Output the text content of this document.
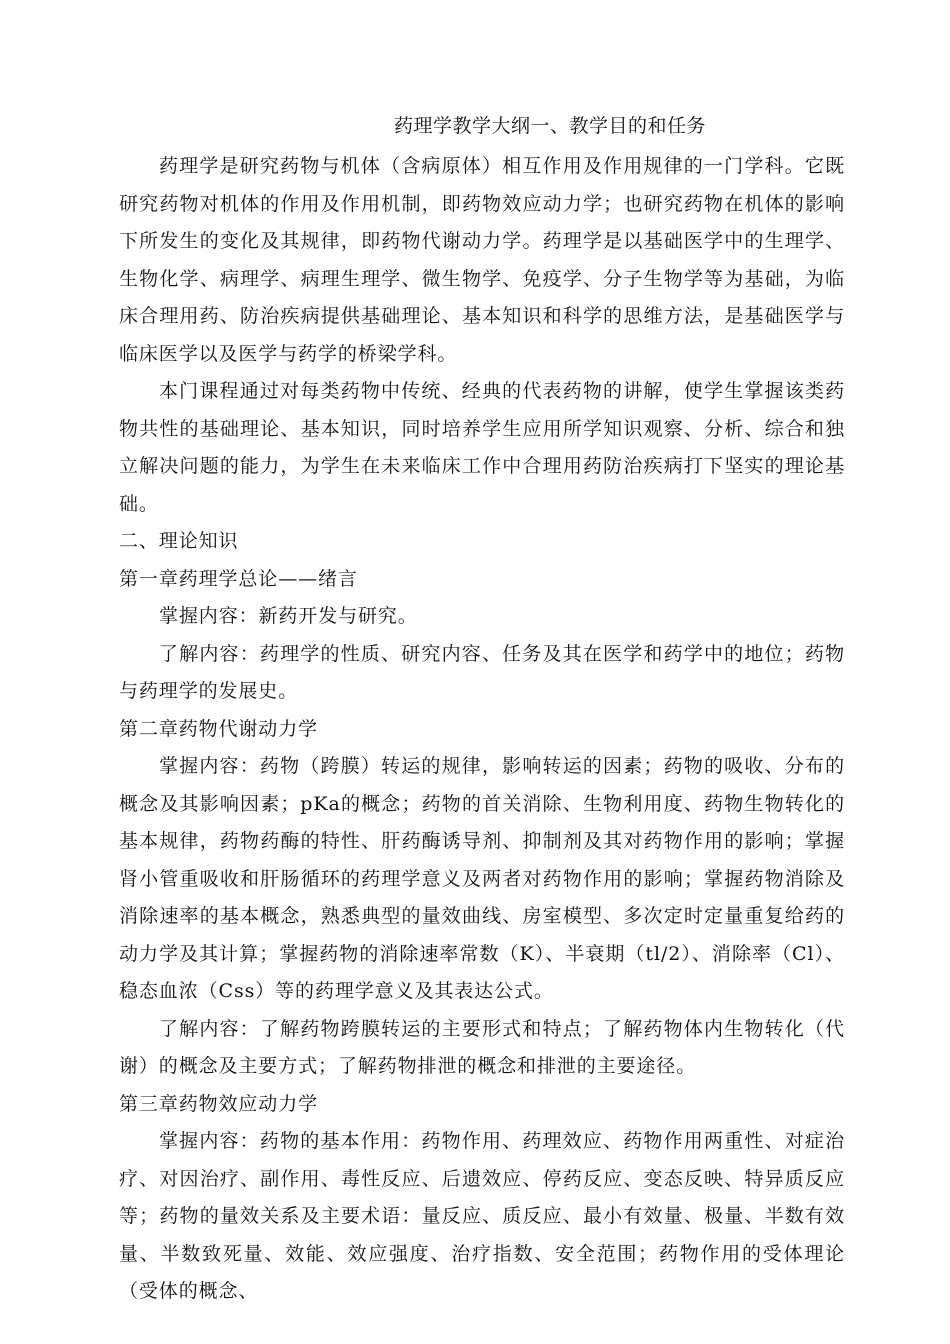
药理学教学大纲一、教学目的和任务

药理学是研究药物与机体（含病原体）相互作用及作用规律的一门学科。它既研究药物对机体的作用及作用机制，即药物效应动力学；也研究药物在机体的影响下所发生的变化及其规律，即药物代谢动力学。药理学是以基础医学中的生理学、生物化学、病理学、病理生理学、微生物学、免疫学、分子生物学等为基础，为临床合理用药、防治疾病提供基础理论、基本知识和科学的思维方法，是基础医学与临床医学以及医学与药学的桥梁学科。

本门课程通过对每类药物中传统、经典的代表药物的讲解，使学生掌握该类药物共性的基础理论、基本知识，同时培养学生应用所学知识观察、分析、综合和独立解决问题的能力，为学生在未来临床工作中合理用药防治疾病打下坚实的理论基础。

二、理论知识

第一章药理学总论——绪言

掌握内容：新药开发与研究。

了解内容：药理学的性质、研究内容、任务及其在医学和药学中的地位；药物与药理学的发展史。

第二章药物代谢动力学

掌握内容：药物（跨膜）转运的规律，影响转运的因素；药物的吸收、分布的概念及其影响因素；pKa的概念；药物的首关消除、生物利用度、药物生物转化的基本规律，药物药酶的特性、肝药酶诱导剂、抑制剂及其对药物作用的影响；掌握肾小管重吸收和肝肠循环的药理学意义及两者对药物作用的影响；掌握药物消除及消除速率的基本概念，熟悉典型的量效曲线、房室模型、多次定时定量重复给药的动力学及其计算；掌握药物的消除速率常数（K）、半衰期（tl/2）、消除率（Cl）、稳态血浓（Css）等的药理学意义及其表达公式。

了解内容：了解药物跨膜转运的主要形式和特点；了解药物体内生物转化（代谢）的概念及主要方式；了解药物排泄的概念和排泄的主要途径。

第三章药物效应动力学

掌握内容：药物的基本作用：药物作用、药理效应、药物作用两重性、对症治疗、对因治疗、副作用、毒性反应、后遗效应、停药反应、变态反映、特异质反应等；药物的量效关系及主要术语：量反应、质反应、最小有效量、极量、半数有效量、半数致死量、效能、效应强度、治疗指数、安全范围；药物作用的受体理论（受体的概念、
